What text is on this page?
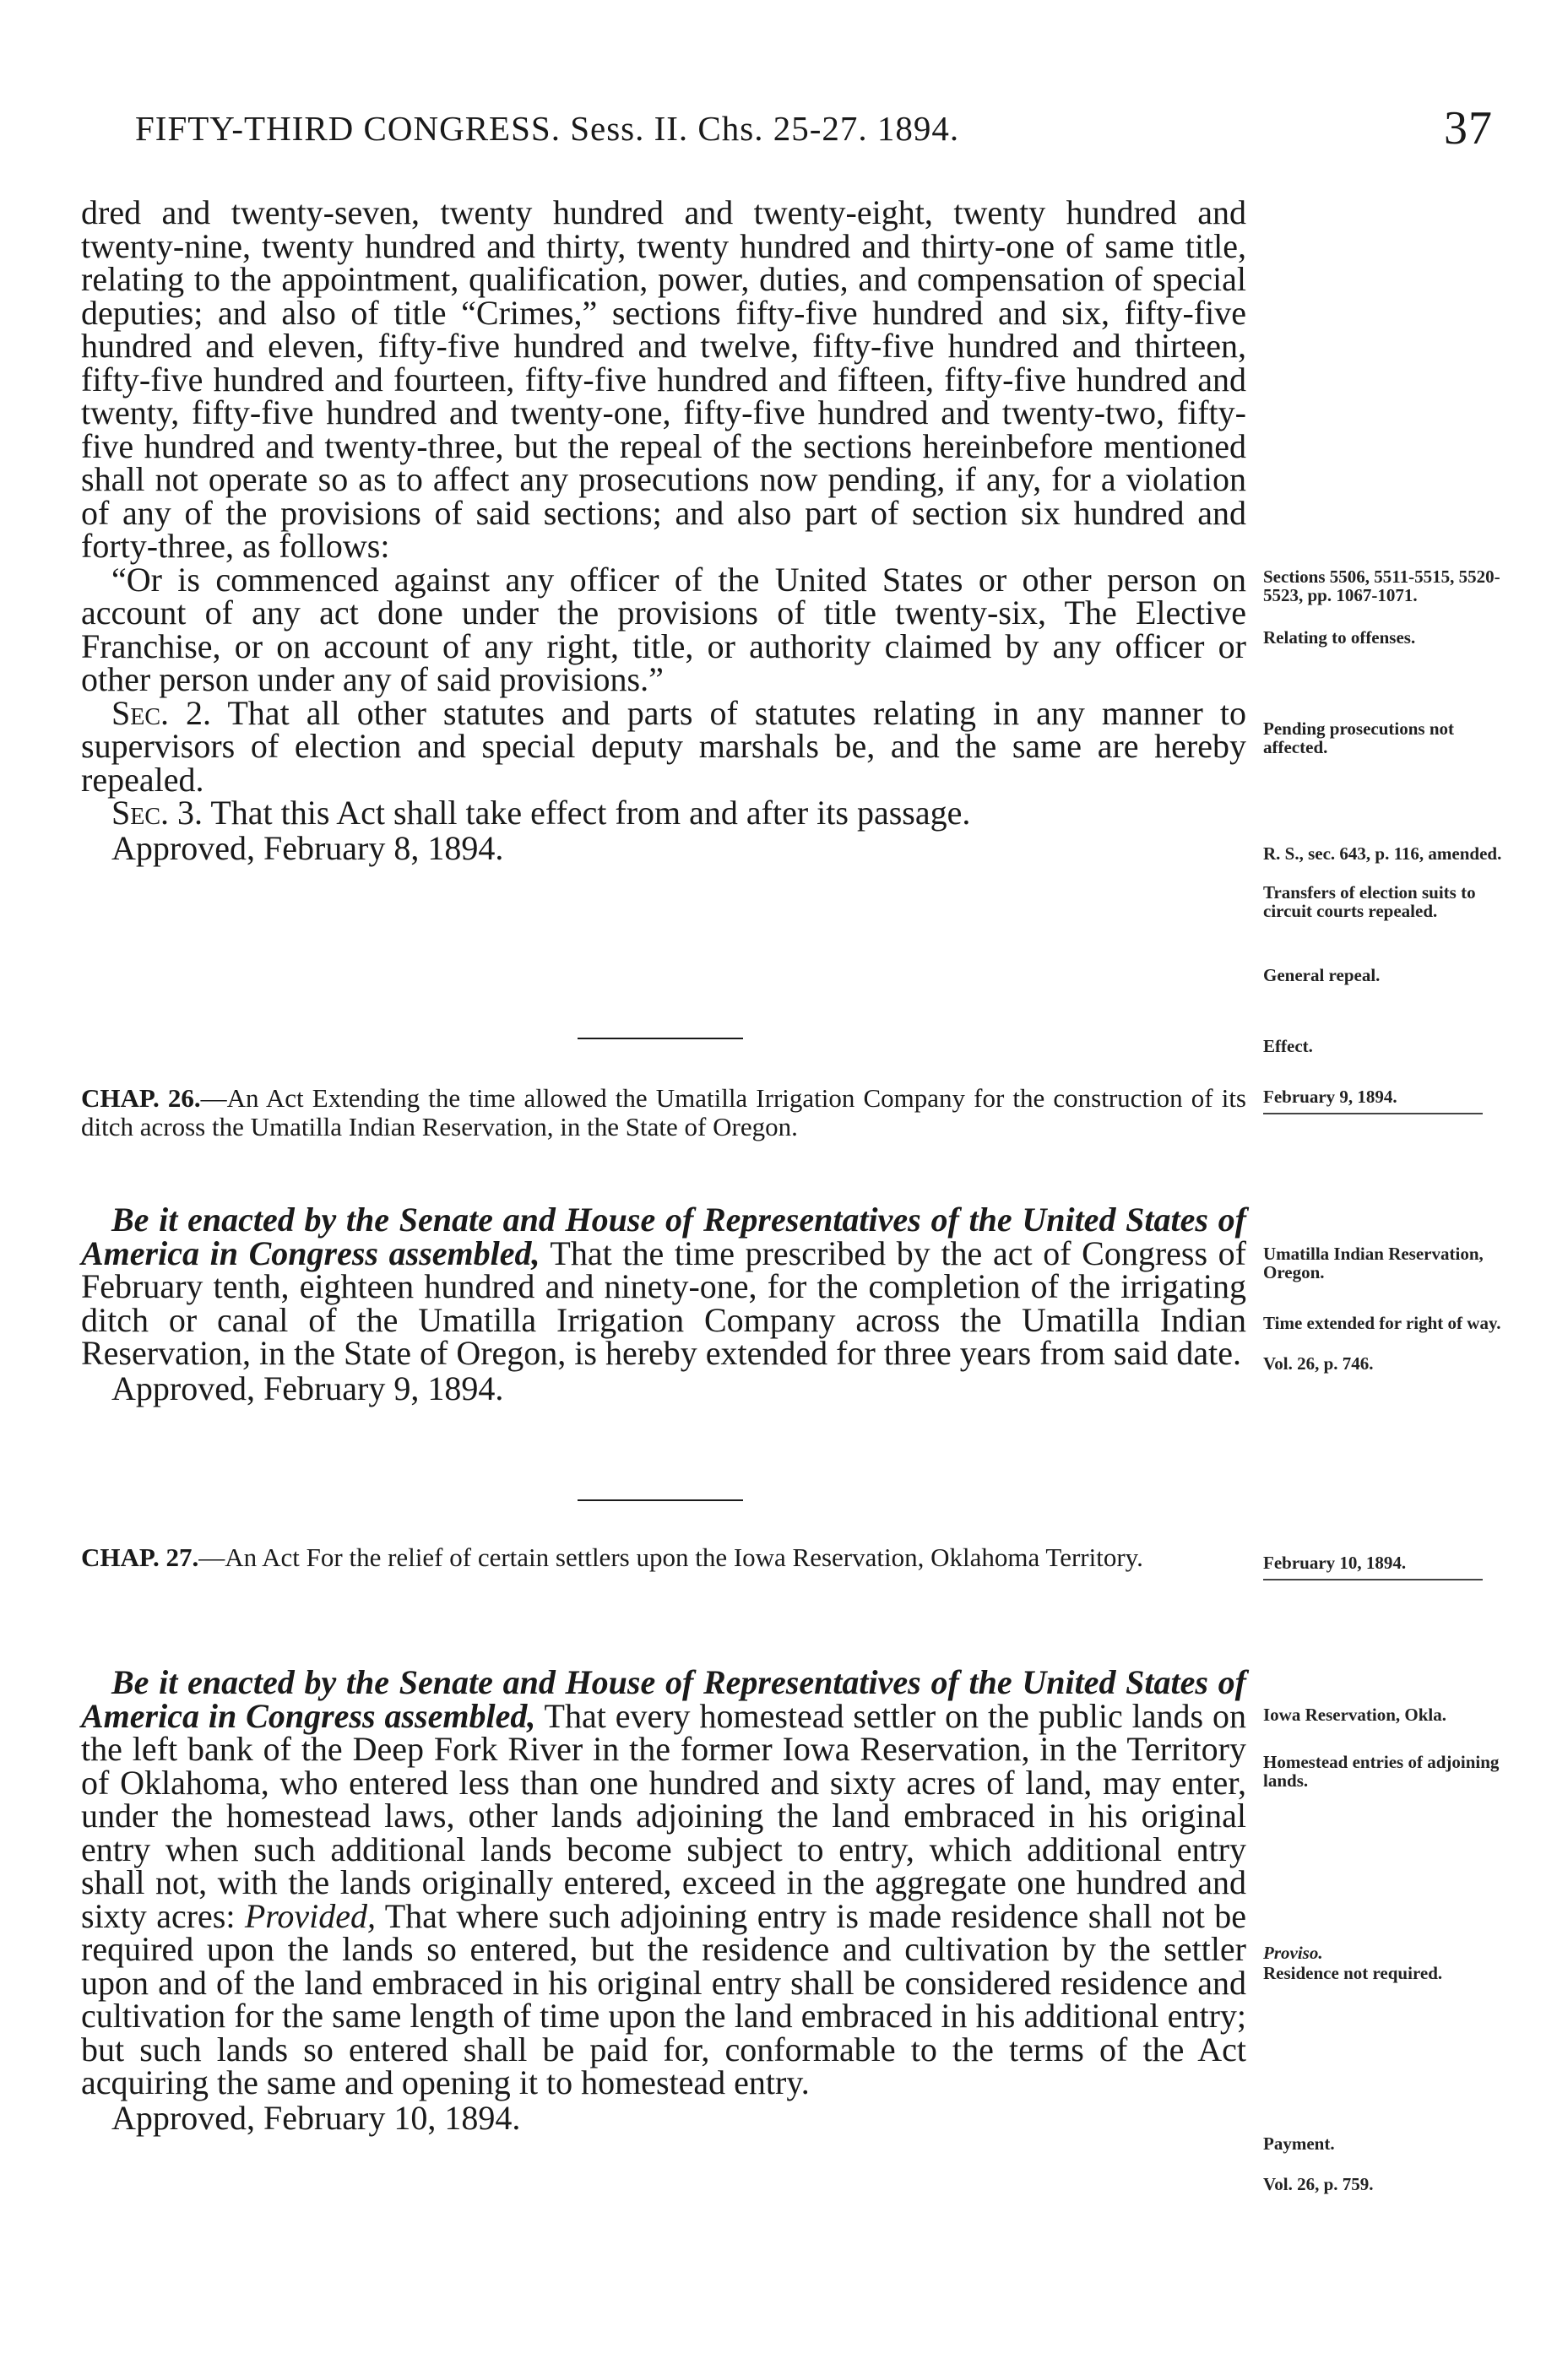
FIFTY-THIRD CONGRESS. Sess. II. Chs. 25-27. 1894.	37

dred and twenty-seven, twenty hundred and twenty-eight, twenty hundred and twenty-nine, twenty hundred and thirty, twenty hundred and thirty-one of same title, relating to the appointment, qualification, power, duties, and compensation of special deputies; and also of title “Crimes,” sections fifty-five hundred and six, fifty-five hundred and eleven, fifty-five hundred and twelve, fifty-five hundred and thirteen, fifty-five hundred and fourteen, fifty-five hundred and fifteen, fifty-five hundred and twenty, fifty-five hundred and twenty-one, fifty-five hundred and twenty-two, fifty-five hundred and twenty-three, but the repeal of the sections hereinbefore mentioned shall not operate so as to affect any prosecutions now pending, if any, for a violation of any of the provisions of said sections; and also part of section six hundred and forty-three, as follows:

“Or is commenced against any officer of the United States or other person on account of any act done under the provisions of title twenty-six, The Elective Franchise, or on account of any right, title, or authority claimed by any officer or other person under any of said provisions.”

Sec. 2. That all other statutes and parts of statutes relating in any manner to supervisors of election and special deputy marshals be, and the same are hereby repealed.

Sec. 3. That this Act shall take effect from and after its passage.

Approved, February 8, 1894.

CHAP. 26.—An Act Extending the time allowed the Umatilla Irrigation Company for the construction of its ditch across the Umatilla Indian Reservation, in the State of Oregon.

Be it enacted by the Senate and House of Representatives of the United States of America in Congress assembled, That the time prescribed by the act of Congress of February tenth, eighteen hundred and ninety-one, for the completion of the irrigating ditch or canal of the Umatilla Irrigation Company across the Umatilla Indian Reservation, in the State of Oregon, is hereby extended for three years from said date.

Approved, February 9, 1894.

CHAP. 27.—An Act For the relief of certain settlers upon the Iowa Reservation, Oklahoma Territory.

Be it enacted by the Senate and House of Representatives of the United States of America in Congress assembled, That every homestead settler on the public lands on the left bank of the Deep Fork River in the former Iowa Reservation, in the Territory of Oklahoma, who entered less than one hundred and sixty acres of land, may enter, under the homestead laws, other lands adjoining the land embraced in his original entry when such additional lands become subject to entry, which additional entry shall not, with the lands originally entered, exceed in the aggregate one hundred and sixty acres: Provided, That where such adjoining entry is made residence shall not be required upon the lands so entered, but the residence and cultivation by the settler upon and of the land embraced in his original entry shall be considered residence and cultivation for the same length of time upon the land embraced in his additional entry; but such lands so entered shall be paid for, conformable to the terms of the Act acquiring the same and opening it to homestead entry.

Approved, February 10, 1894.

Sections 5506, 5511-5515, 5520-5523, pp. 1067-1071.
Relating to offenses.
Pending prosecutions not affected.
R. S., sec. 643, p. 116, amended.
Transfers of election suits to circuit courts repealed.
General repeal.
Effect.
February 9, 1894.
Umatilla Indian Reservation, Oregon.
Time extended for right of way.
Vol. 26, p. 746.
February 10, 1894.
Iowa Reservation, Okla.
Homestead entries of adjoining lands.
Proviso.
Residence not required.
Payment.
Vol. 26, p. 759.
